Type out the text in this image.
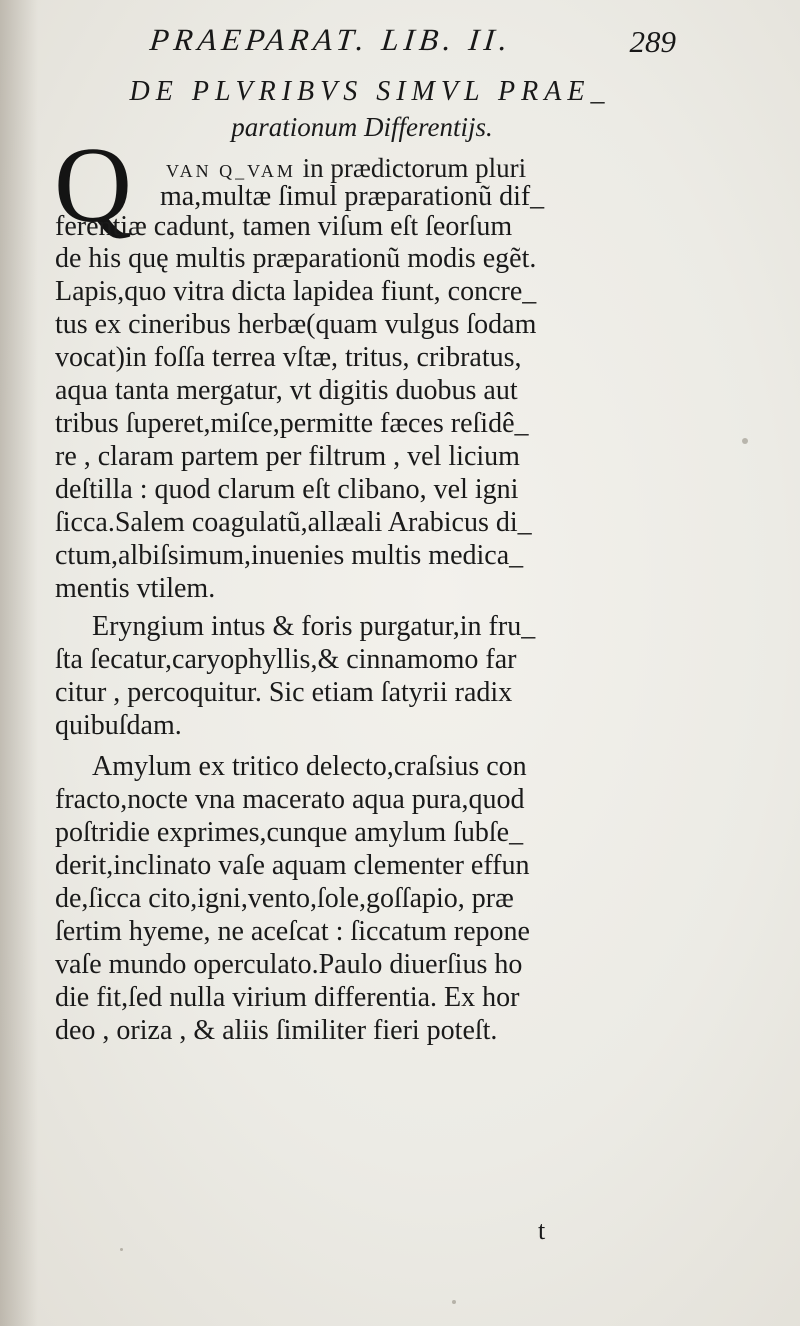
PRAEPARAT. LIB. II.	289
DE PLVRIBVS SIMVL PRAE_
parationum Differentijs.
Q VAN Q_VAM in prædictorum pluri
ma,multæ ſimul præparationũ dif_
ferentiæ cadunt, tamen viſum eſt ſeorſum
de his quę multis præparationũ modis egẽt.
Lapis,quo vitra dicta lapidea fiunt, concre_
tus ex cineribus herbæ(quam vulgus ſodam
vocat)in foſſa terrea vſtæ, tritus, cribratus,
aqua tanta mergatur, vt digitis duobus aut
tribus ſuperet,miſce,permitte fæces reſidê_
re , claram partem per filtrum , vel licium
deſtilla : quod clarum eſt clibano, vel igni
ſicca.Salem coagulatũ,allæali Arabicus di_
ctum,albiſsimum,inuenies multis medica_
mentis vtilem.
Eryngium intus & foris purgatur,in fru_
ſta ſecatur,caryophyllis,& cinnamomo far
citur , percoquitur. Sic etiam ſatyrii radix
quibuſdam.
Amylum ex tritico delecto,craſsius con
fracto,nocte vna macerato aqua pura,quod
poſtridie exprimes,cunque amylum ſubſe_
derit,inclinato vaſe aquam clementer effun
de,ſicca cito,igni,vento,ſole,goſſapio, præ
ſertim hyeme, ne aceſcat : ſiccatum repone
vaſe mundo operculato.Paulo diuerſius ho
die fit,ſed nulla virium differentia. Ex hor
deo , oriza , & aliis ſimiliter fieri poteſt.
t
